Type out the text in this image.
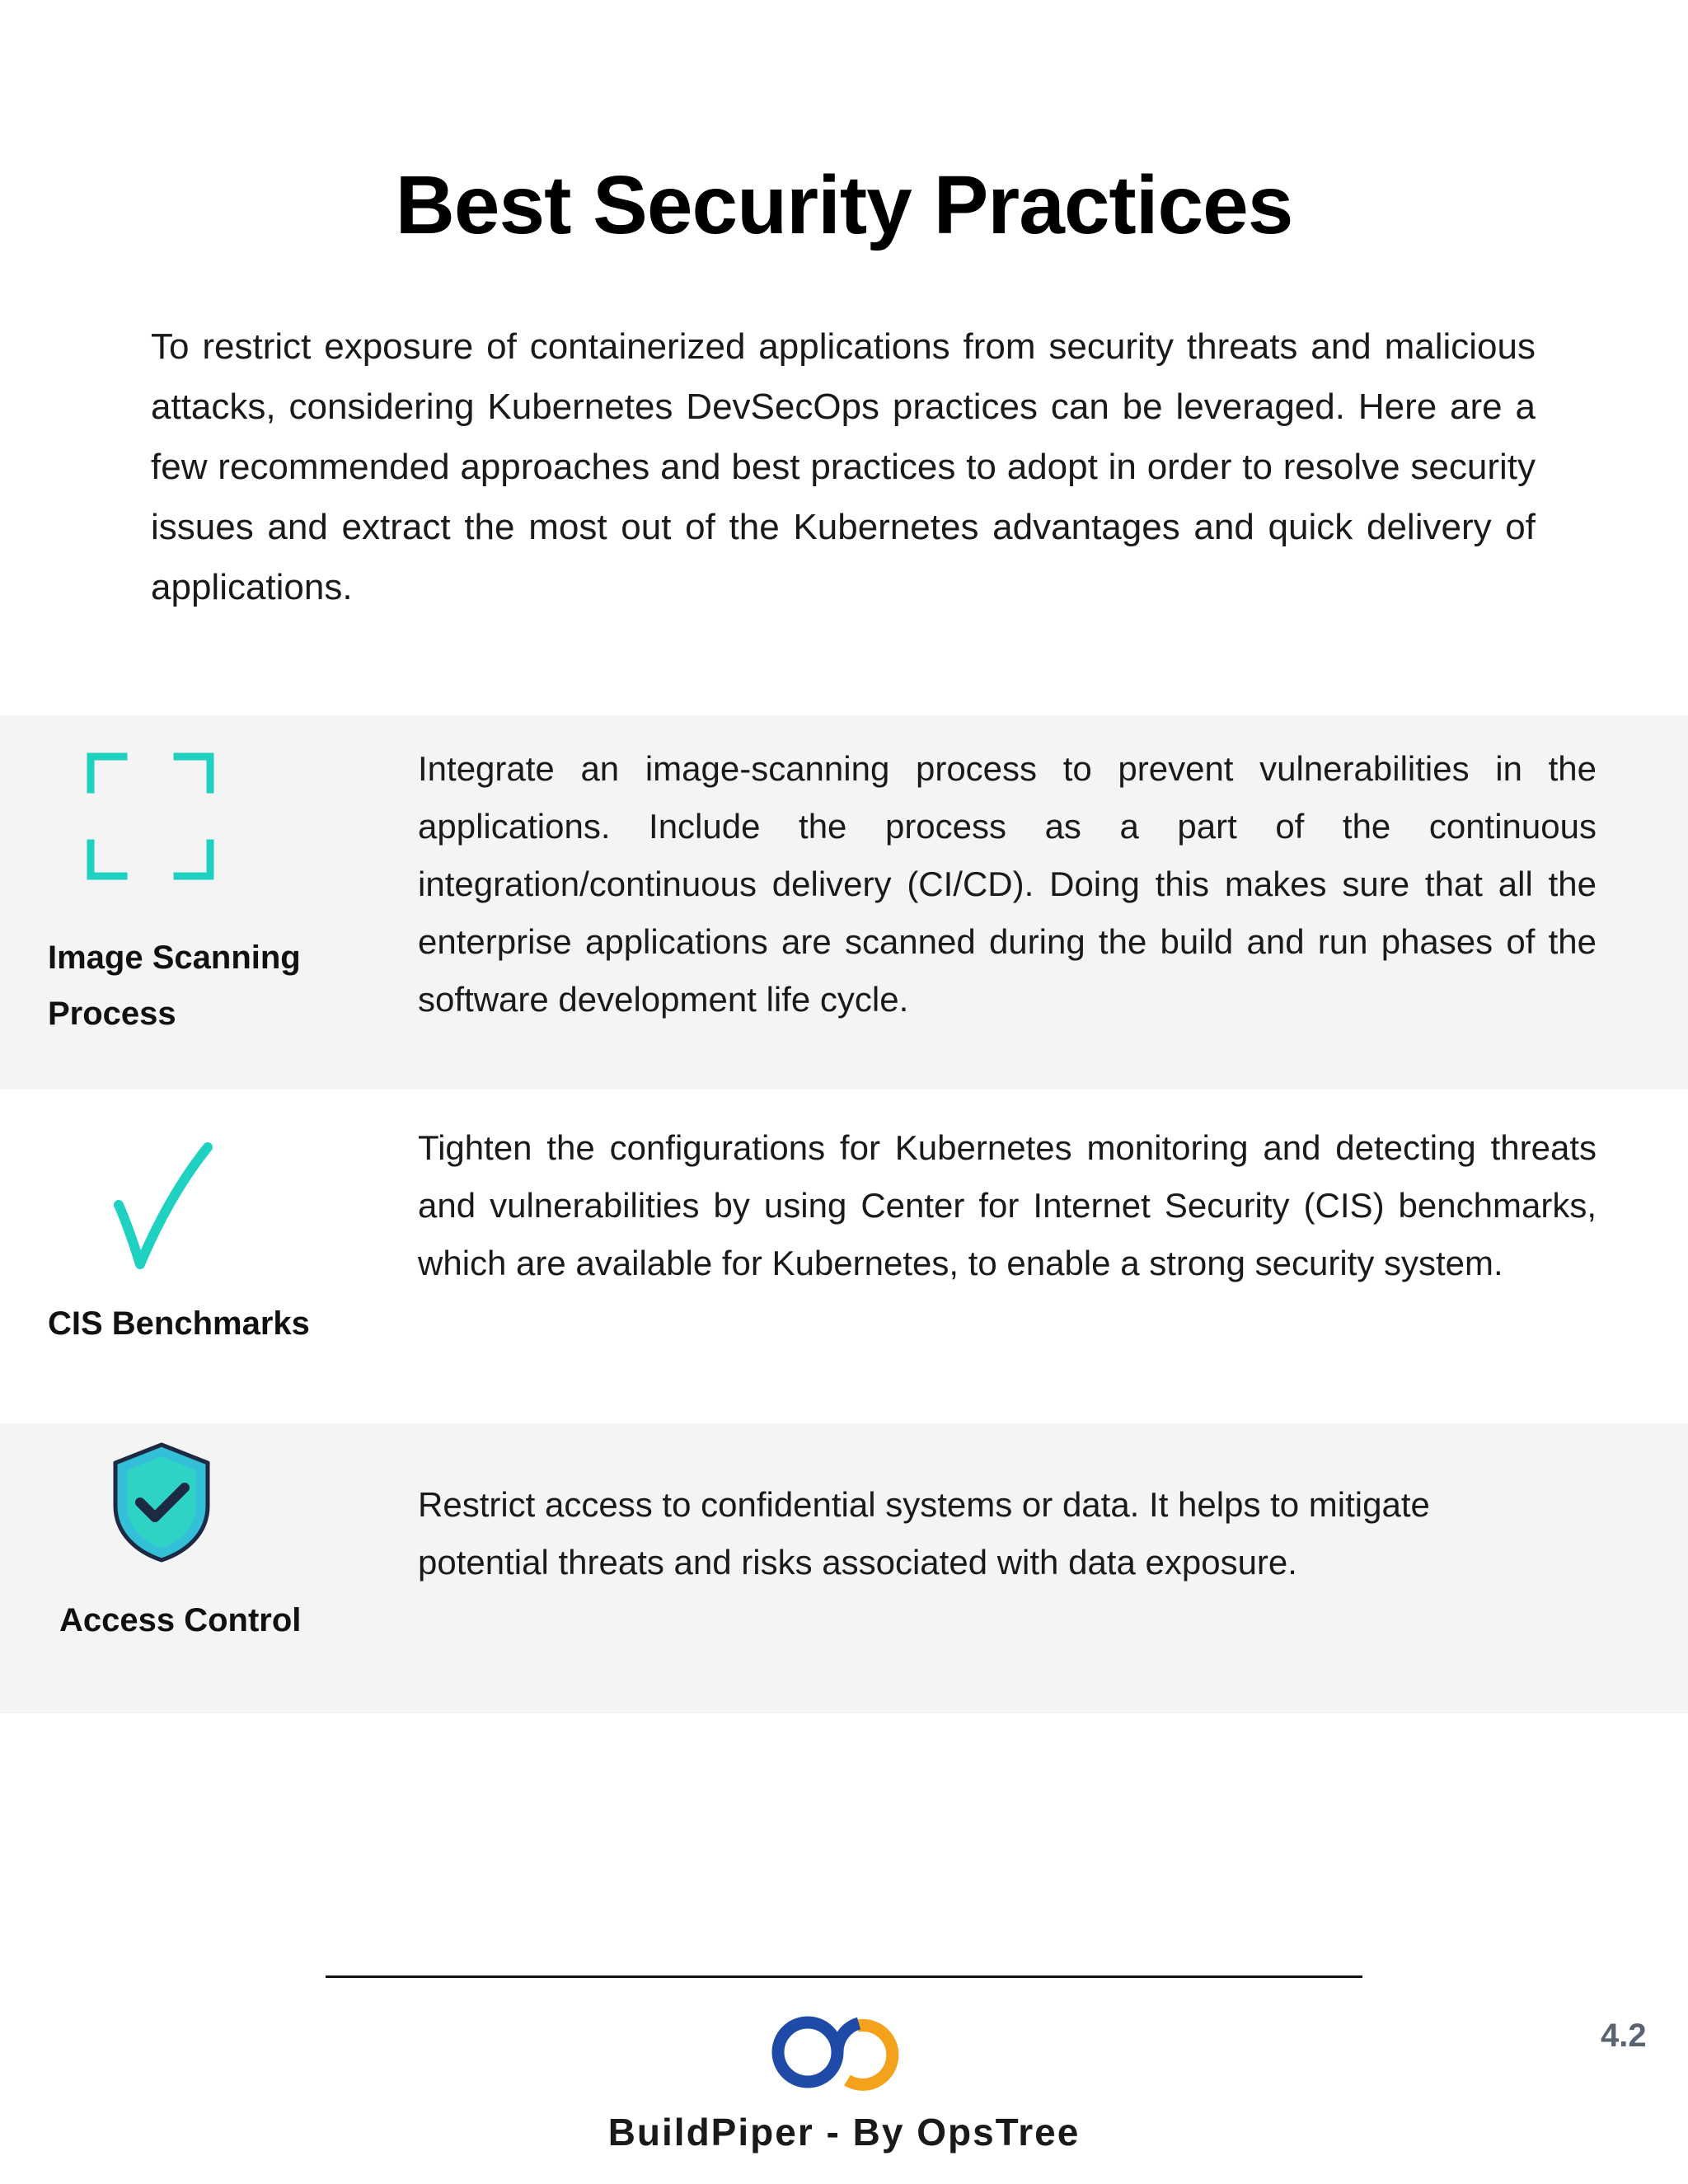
Best Security Practices

To restrict exposure of containerized applications from security threats and malicious attacks, considering Kubernetes DevSecOps practices can be leveraged. Here are a few recommended approaches and best practices to adopt in order to resolve security issues and extract the most out of the Kubernetes advantages and quick delivery of applications.

Image Scanning
Process

Integrate an image-scanning process to prevent vulnerabilities in the applications. Include the process as a part of the continuous integration/continuous delivery (CI/CD). Doing this makes sure that all the enterprise applications are scanned during the build and run phases of the software development life cycle.

CIS Benchmarks

Tighten the configurations for Kubernetes monitoring and detecting threats and vulnerabilities by using Center for Internet Security (CIS) benchmarks, which are available for Kubernetes, to enable a strong security system.

Access Control
Restrict access to confidential systems or data. It helps to mitigate
potential threats and risks associated with data exposure.
BuildPiper - By OpsTree
4.2
